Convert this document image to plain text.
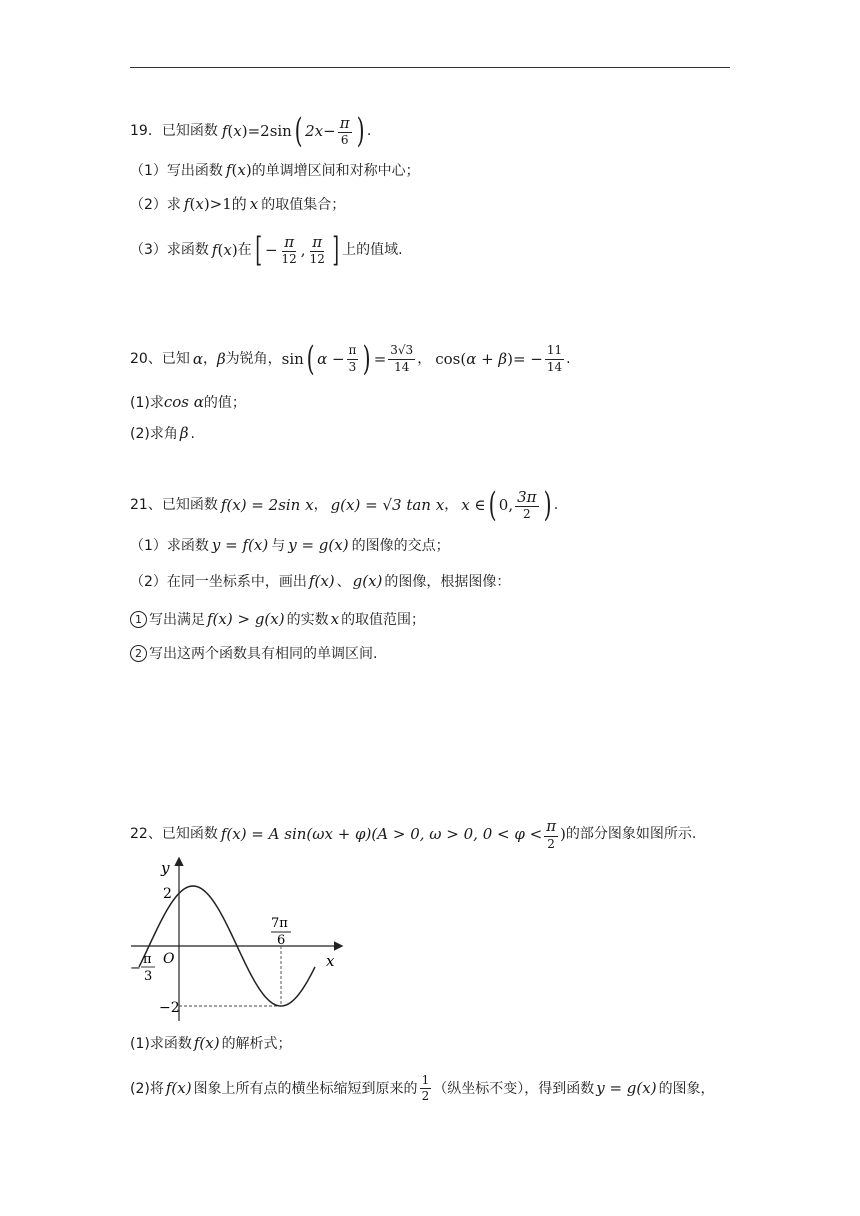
19． 已知函数 f ( x ) =2sin ( $2x- \frac{\pi}{6}$ ) .
（1）写出函数 f ( x ) 的单调增区间和对称中心；
（2）求 f ( x ) >1的 x 的取值集合；
（3）求函数 f ( x ) 在 [ − $\frac{\pi}{12}$ , $\frac{\pi}{12}$ ] 上的值域.
20、已知 α ， β 为锐角， sin ( $\alpha - \frac{\pi}{3}$ ) = $\frac{3√3}{14}$ ， cos ( α + β ) = − $\frac{11}{14}$ .
(1)求 cos α 的值；
(2)求角 β .
21、已知函数 f(x) = 2sin x ， g(x) = √3 tan x ， x ∈ ( 0, $\frac{3\pi}{2}$ ) .
（1）求函数 y = f(x) 与 y = g(x) 的图像的交点；
（2）在同一坐标系中，画出 f(x) 、 g(x) 的图像，根据图像：
1 写出满足 f(x) > g(x) 的实数 x 的取值范围；
2 写出这两个函数具有相同的单调区间.
22、已知函数 f(x) = A sin(ωx + φ)(A > 0, ω > 0, $0 < \varphi < \frac{\pi}{2}$ ) 的部分图象如图所示.
y
x
O
2
−2
−
π
3
7π
6
(1)求函数 f(x) 的解析式；
(2)将 f(x) 图象上所有点的横坐标缩短到原来的 $\frac{1}{2}$ （纵坐标不变），得到函数 y = g(x) 的图象，
